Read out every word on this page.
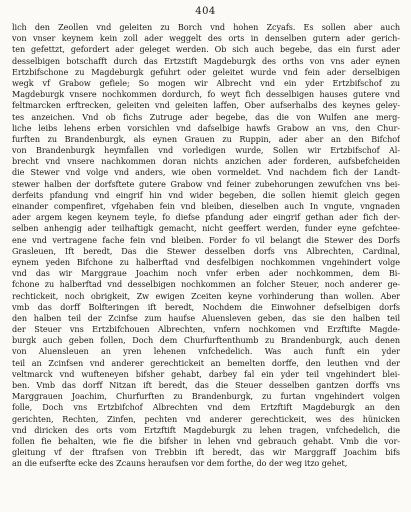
404
lich den Zeollen vnd geleiten zu Borch vnd hohen Zcyafs. Es sollen aber auch
von vnser keynem kein zoll ader weggelt des orts in denselben gutern ader gerich-
ten gefettzt, gefordert ader geleget werden. Ob sich auch begebe, das ein furst ader
desselbigen botschafft durch das Ertzstift Magdeburgk des orths von vns ader eynen
Ertzbifschone zu Magdeburgk gefuhrt oder geleitet wurde vnd fein ader derselbigen
wegk vf Grabow gefiele; So mogen wir Albrecht vnd ein yder Ertzbifschof zu
Magdeburgk vnsere nochkommen dordurch, fo weyt fich desselbigen hauses gutere vnd
feltmarcken erftrecken, geleiten vnd geleiten laffen, Ober aufserhalbs des keynes geley-
tes anzeichen. Vnd ob fichs Zutruge ader begebe, das die von Wulfen ane merg-
liche leibs lehens erben vorsichlen vnd dafselbige hawfs Grabow an vns, den Chur-
furften zu Brandenburgk, als eynen Grauen zu Ruppin, ader aber an den Bifchof
von Brandenburgk heymfallen vnd vorledigen wurde, Sollen wir Ertzbifschof Al-
brecht vnd vnsere nachkommen doran nichts anzichen ader forderen, aufsbefcheiden
die Stewer vnd volge vnd anders, wie oben vormeldet. Vnd nachdem fich der Landt-
stewer halben der dorfsftete gutere Grabow vnd feiner zubehorungen zewufchen vns bei-
derfeits pfandung vnd eingrif hin vnd wider begeben, die sollen hiemit gleich gegen
einander compenfiret, vfgehaben fein vnd bleiben, dieselben auch In vngute, vngnaden
ader argem kegen keynem teyle, fo diefse pfandung ader eingrif gethan ader fich der-
selben anhengig ader teilhaftigk gemacht, nicht geeffert werden, funder eyne gefchtee-
ene vnd vertragene fache fein vnd bleiben. Forder fo vil belangt die Stewer des Dorfs
Grasleuen, Ift beredt, Das die Stewer desselben dorfs vns Albrechten, Cardinal,
eynem yeden Bifchone zu halberftad vnd desfelbigen nochkommen vngehindert volge
vnd das wir Marggraue Joachim noch vnfer erben ader nochkommen, dem Bi-
fchone zu halberftad vnd desselbigen nochkommen an folcher Steuer, noch anderer ge-
rechtickeit, noch obrigkeit, Zw ewigen Zceiten keyne vorhinderung than wollen. Aber
vmb das dorff Bolfteringen ift beredt, Nochdem die Einwohner defselbigen dorfs
den halben teil der Zcinfse zum haufse Aluensleven geben, das sie den halben teil
der Steuer vns Ertzbifchouen Albrechten, vnfern nochkomen vnd Erzftifte Magde-
burgk auch geben follen, Doch dem Churfurftenthumb zu Brandenburgk, auch denen
von Aluensleuen an yren lehenen vnfchedelich. Was auch funft ein yder
teil an Zcinfsen vnd anderer gerechtickeit an bemelten dorffe, den leuthen vnd der
veltmarck vnd wufteneyen bifsher gehabt, darbey fal ein yder teil vngehindert blei-
ben. Vmb das dorff Nitzan ift beredt, das die Steuer desselben gantzen dorffs vns
Marggrauen Joachim, Churfurften zu Brandenburgk, zu furtan vngehindert volgen
folle, Doch vns Ertzbifchof Albrechten vnd dem Ertzftift Magdeburgk an den
gerichten, Rechten, Zinfen, pechten vnd anderer gerechtickeit, wes des hünicken
vnd diricken des orts vom Ertzftift Magdeburgk zu lehen tragen, vnfchedelich, die
follen fie behalten, wie fie die bifsher in lehen vnd gebrauch gehabt. Vmb die vor-
gleitung vf der ftrafsen von Trebbin ift beredt, das wir Marggraff Joachim bifs
an die eufserfte ecke des Zcauns heraufsen vor dem forthe, do der weg itzo gehet,
